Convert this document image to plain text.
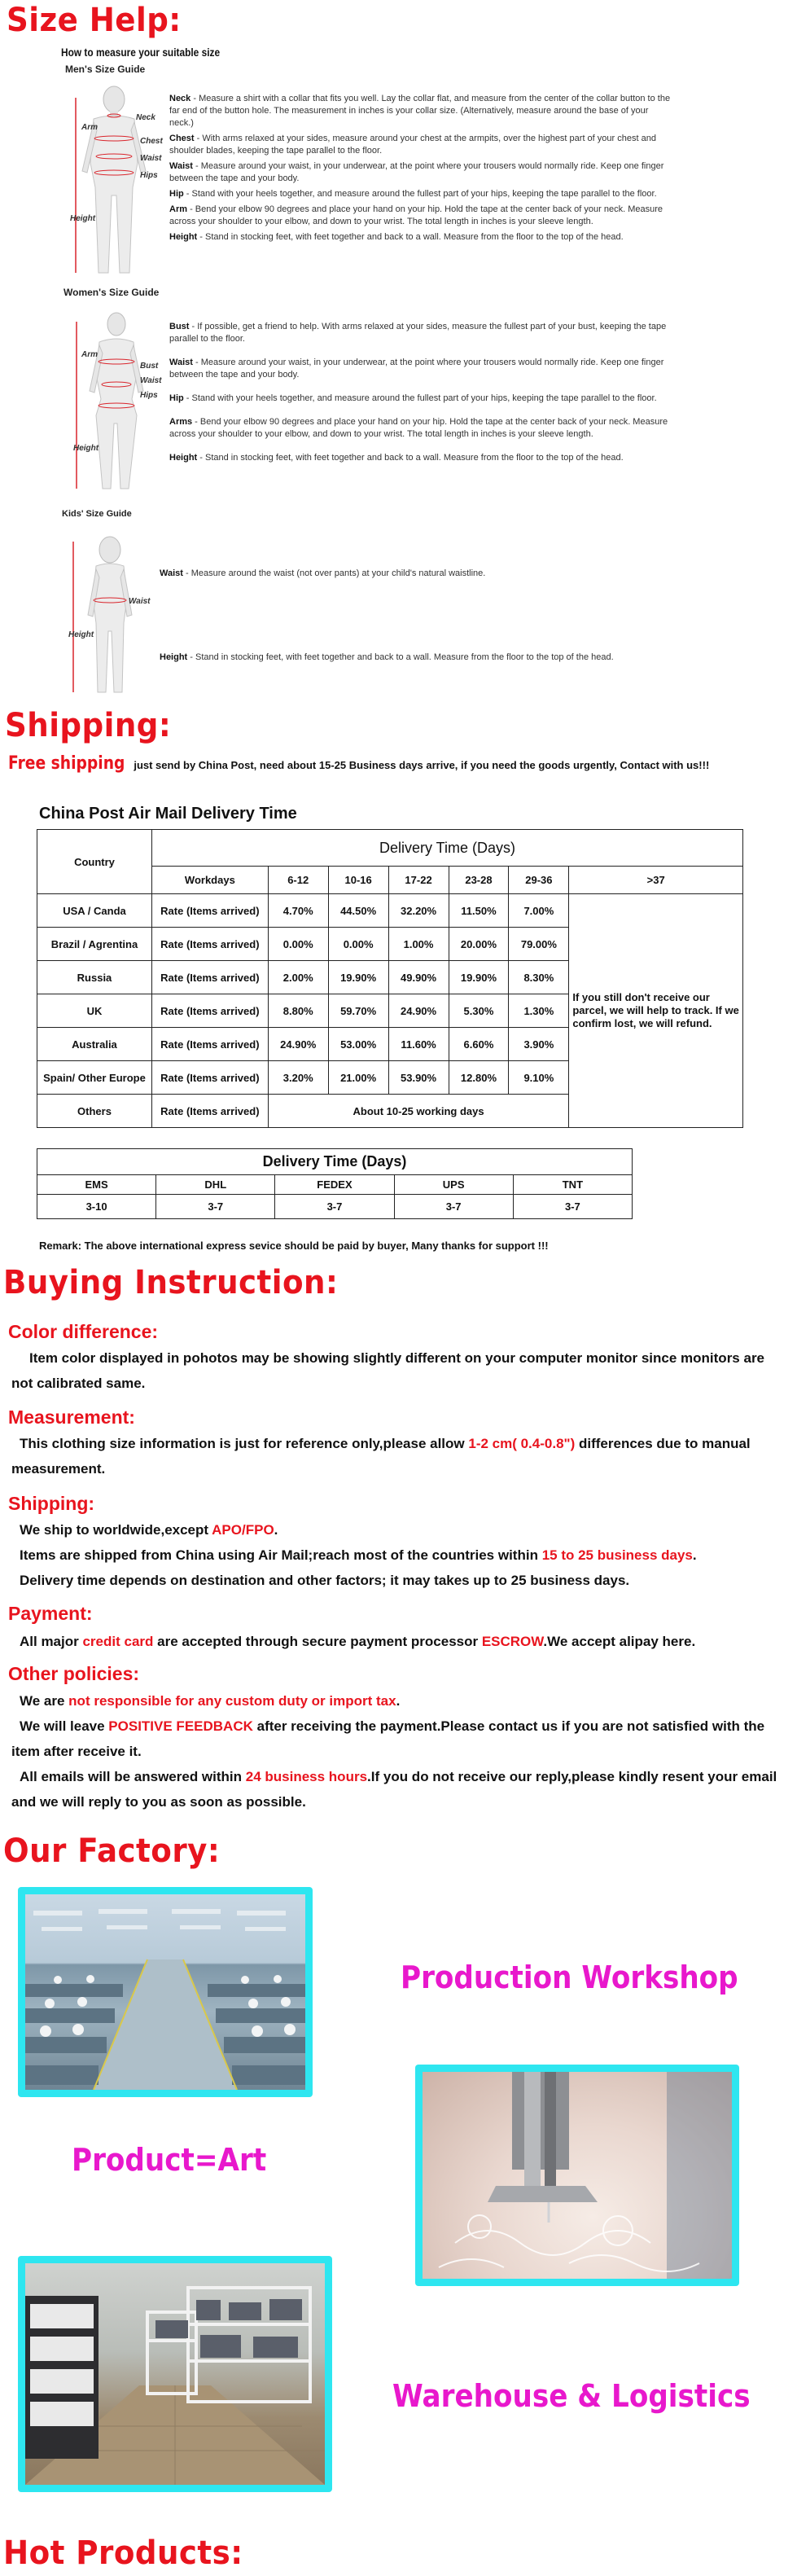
Size Help:
How to measure your suitable size
Men's Size Guide
Neck
Arm
Chest
Waist
Hips
Height

Neck - Measure a shirt with a collar that fits you well. Lay the collar flat, and measure from the center of the collar button to the far end of the button hole. The measurement in inches is your collar size. (Alternatively, measure around the base of your neck.)

Chest - With arms relaxed at your sides, measure around your chest at the armpits, over the highest part of your chest and shoulder blades, keeping the tape parallel to the floor.

Waist - Measure around your waist, in your underwear, at the point where your trousers would normally ride. Keep one finger between the tape and your body.

Hip - Stand with your heels together, and measure around the fullest part of your hips, keeping the tape parallel to the floor.

Arm - Bend your elbow 90 degrees and place your hand on your hip. Hold the tape at the center back of your neck. Measure across your shoulder to your elbow, and down to your wrist. The total length in inches is your sleeve length.

Height - Stand in stocking feet, with feet together and back to a wall. Measure from the floor to the top of the head.

Women's Size Guide
Arm
Bust
Waist
Hips
Height

Bust - If possible, get a friend to help. With arms relaxed at your sides, measure the fullest part of your bust, keeping the tape parallel to the floor.

Waist - Measure around your waist, in your underwear, at the point where your trousers would normally ride. Keep one finger between the tape and your body.

Hip - Stand with your heels together, and measure around the fullest part of your hips, keeping the tape parallel to the floor.

Arms - Bend your elbow 90 degrees and place your hand on your hip. Hold the tape at the center back of your neck. Measure across your shoulder to your elbow, and down to your wrist. The total length in inches is your sleeve length.

Height - Stand in stocking feet, with feet together and back to a wall. Measure from the floor to the top of the head.

Kids' Size Guide
Waist
Height
Waist - Measure around the waist (not over pants) at your child's natural waistline.
Height - Stand in stocking feet, with feet together and back to a wall. Measure from the floor to the top of the head.
Shipping:
Free shipping just send by China Post, need about 15-25 Business days arrive, if you need the goods urgently, Contact with us!!!
China Post Air Mail Delivery Time
Country	Delivery Time (Days)						
	Workdays	6-12	10-16	17-22	23-28	29-36	>37
USA / Canda	Rate (Items arrived)	4.70%	44.50%	32.20%	11.50%	7.00%	If you still don't receive our parcel, we will help to track. If we confirm lost, we will refund.
Brazil / Agrentina	Rate (Items arrived)	0.00%	0.00%	1.00%	20.00%	79.00%	
Russia	Rate (Items arrived)	2.00%	19.90%	49.90%	19.90%	8.30%	
UK	Rate (Items arrived)	8.80%	59.70%	24.90%	5.30%	1.30%	
Australia	Rate (Items arrived)	24.90%	53.00%	11.60%	6.60%	3.90%	
Spain/ Other Europe	Rate (Items arrived)	3.20%	21.00%	53.90%	12.80%	9.10%	
Others	Rate (Items arrived)	About 10-25 working days					
Delivery Time (Days)				
EMS	DHL	FEDEX	UPS	TNT
3-10	3-7	3-7	3-7	3-7
Remark: The above international express sevice should be paid by buyer, Many thanks for support !!!
Buying Instruction:
Color difference:
Item color displayed in pohotos may be showing slightly different on your computer monitor since monitors are not calibrated same.
Measurement:
This clothing size information is just for reference only,please allow 1-2 cm( 0.4-0.8") differences due to manual measurement.
Shipping:

We ship to worldwide,except APO/FPO.

Items are shipped from China using Air Mail;reach most of the countries within 15 to 25 business days.

Delivery time depends on destination and other factors; it may takes up to 25 business days.

Payment:
All major credit card are accepted through secure payment processor ESCROW.We accept alipay here.
Other policies:

We are not responsible for any custom duty or import tax.

We will leave POSITIVE FEEDBACK after receiving the payment.Please contact us if you are not satisfied with the item after receive it.

All emails will be answered within 24 business hours.If you do not receive our reply,please kindly resent your email and we will reply to you as soon as possible.

Our Factory:
Production Workshop
Product=Art
Warehouse & Logistics
Hot Products:
